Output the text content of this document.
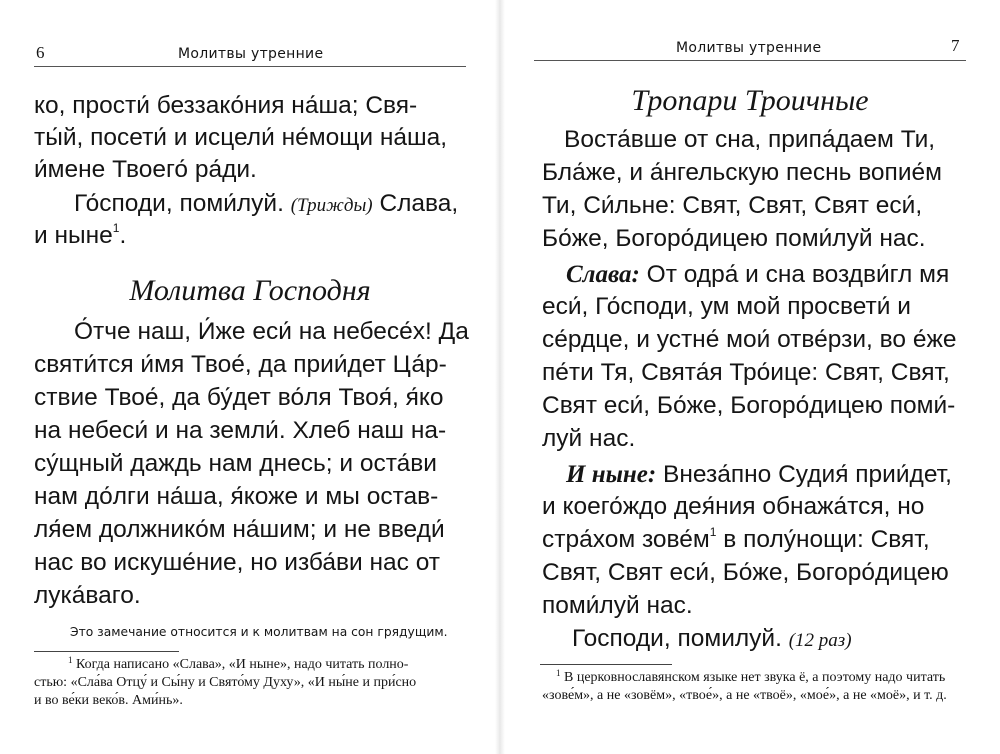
6	Молитвы утренние
ко, прости́ беззако́ния на́ша; Свя-
ты́й, посети́ и исцели́ не́мощи на́ша,
и́мене Твоего́ ра́ди.
Го́споди, поми́луй. (Трижды) Слава,
и ныне$^1$.
Молитва Господня
О́тче наш, И́же еси́ на небесе́х! Да
святи́тся и́мя Твое́, да прии́дет Ца́р-
ствие Твое́, да бу́дет во́ля Твоя́, я́ко
на небеси́ и на земли́. Хлеб наш на-
су́щный даждь нам днесь; и оста́ви
нам до́лги на́ша, я́коже и мы остав-
ля́ем должнико́м на́шим; и не введи́
нас во искуше́ние, но изба́ви нас от
лука́ваго.
Это замечание относится и к молитвам на сон грядущим.
$^1$ Когда написано «Слава», «И ныне», надо читать полно-
стью: «Сла́ва Отцу́ и Сы́ну и Свято́му Духу», «И ны́не и при́сно
и во ве́ки веко́в. Ами́нь».
Молитвы утренние	7
Тропари Троичные
Воста́вше от сна, припа́даем Ти,
Бла́же, и а́нгельскую песнь вопие́м
Ти, Си́льне: Свят, Свят, Свят еси́,
Бо́же, Богоро́дицею поми́луй нас.
Слава: От одра́ и сна воздви́гл мя
еси́, Го́споди, ум мой просвети́ и
се́рдце, и устне́ мои́ отве́рзи, во е́же
пе́ти Тя, Свята́я Тро́ице: Свят, Свят,
Свят еси́, Бо́же, Богоро́дицею поми́-
луй нас.
И ныне: Внеза́пно Судия́ прии́дет,
и коего́ждо дея́ния обнажа́тся, но
стра́хом зове́м$^1$ в полу́нощи: Свят,
Свят, Свят еси́, Бо́же, Богоро́дицею
поми́луй нас.
Господи, помилуй. (12 раз)
$^1$ В церковнославянском языке нет звука ё, а поэтому надо читать
«зове́м», а не «зовём», «твое́», а не «твоё», «мое́», а не «моё», и т. д.
